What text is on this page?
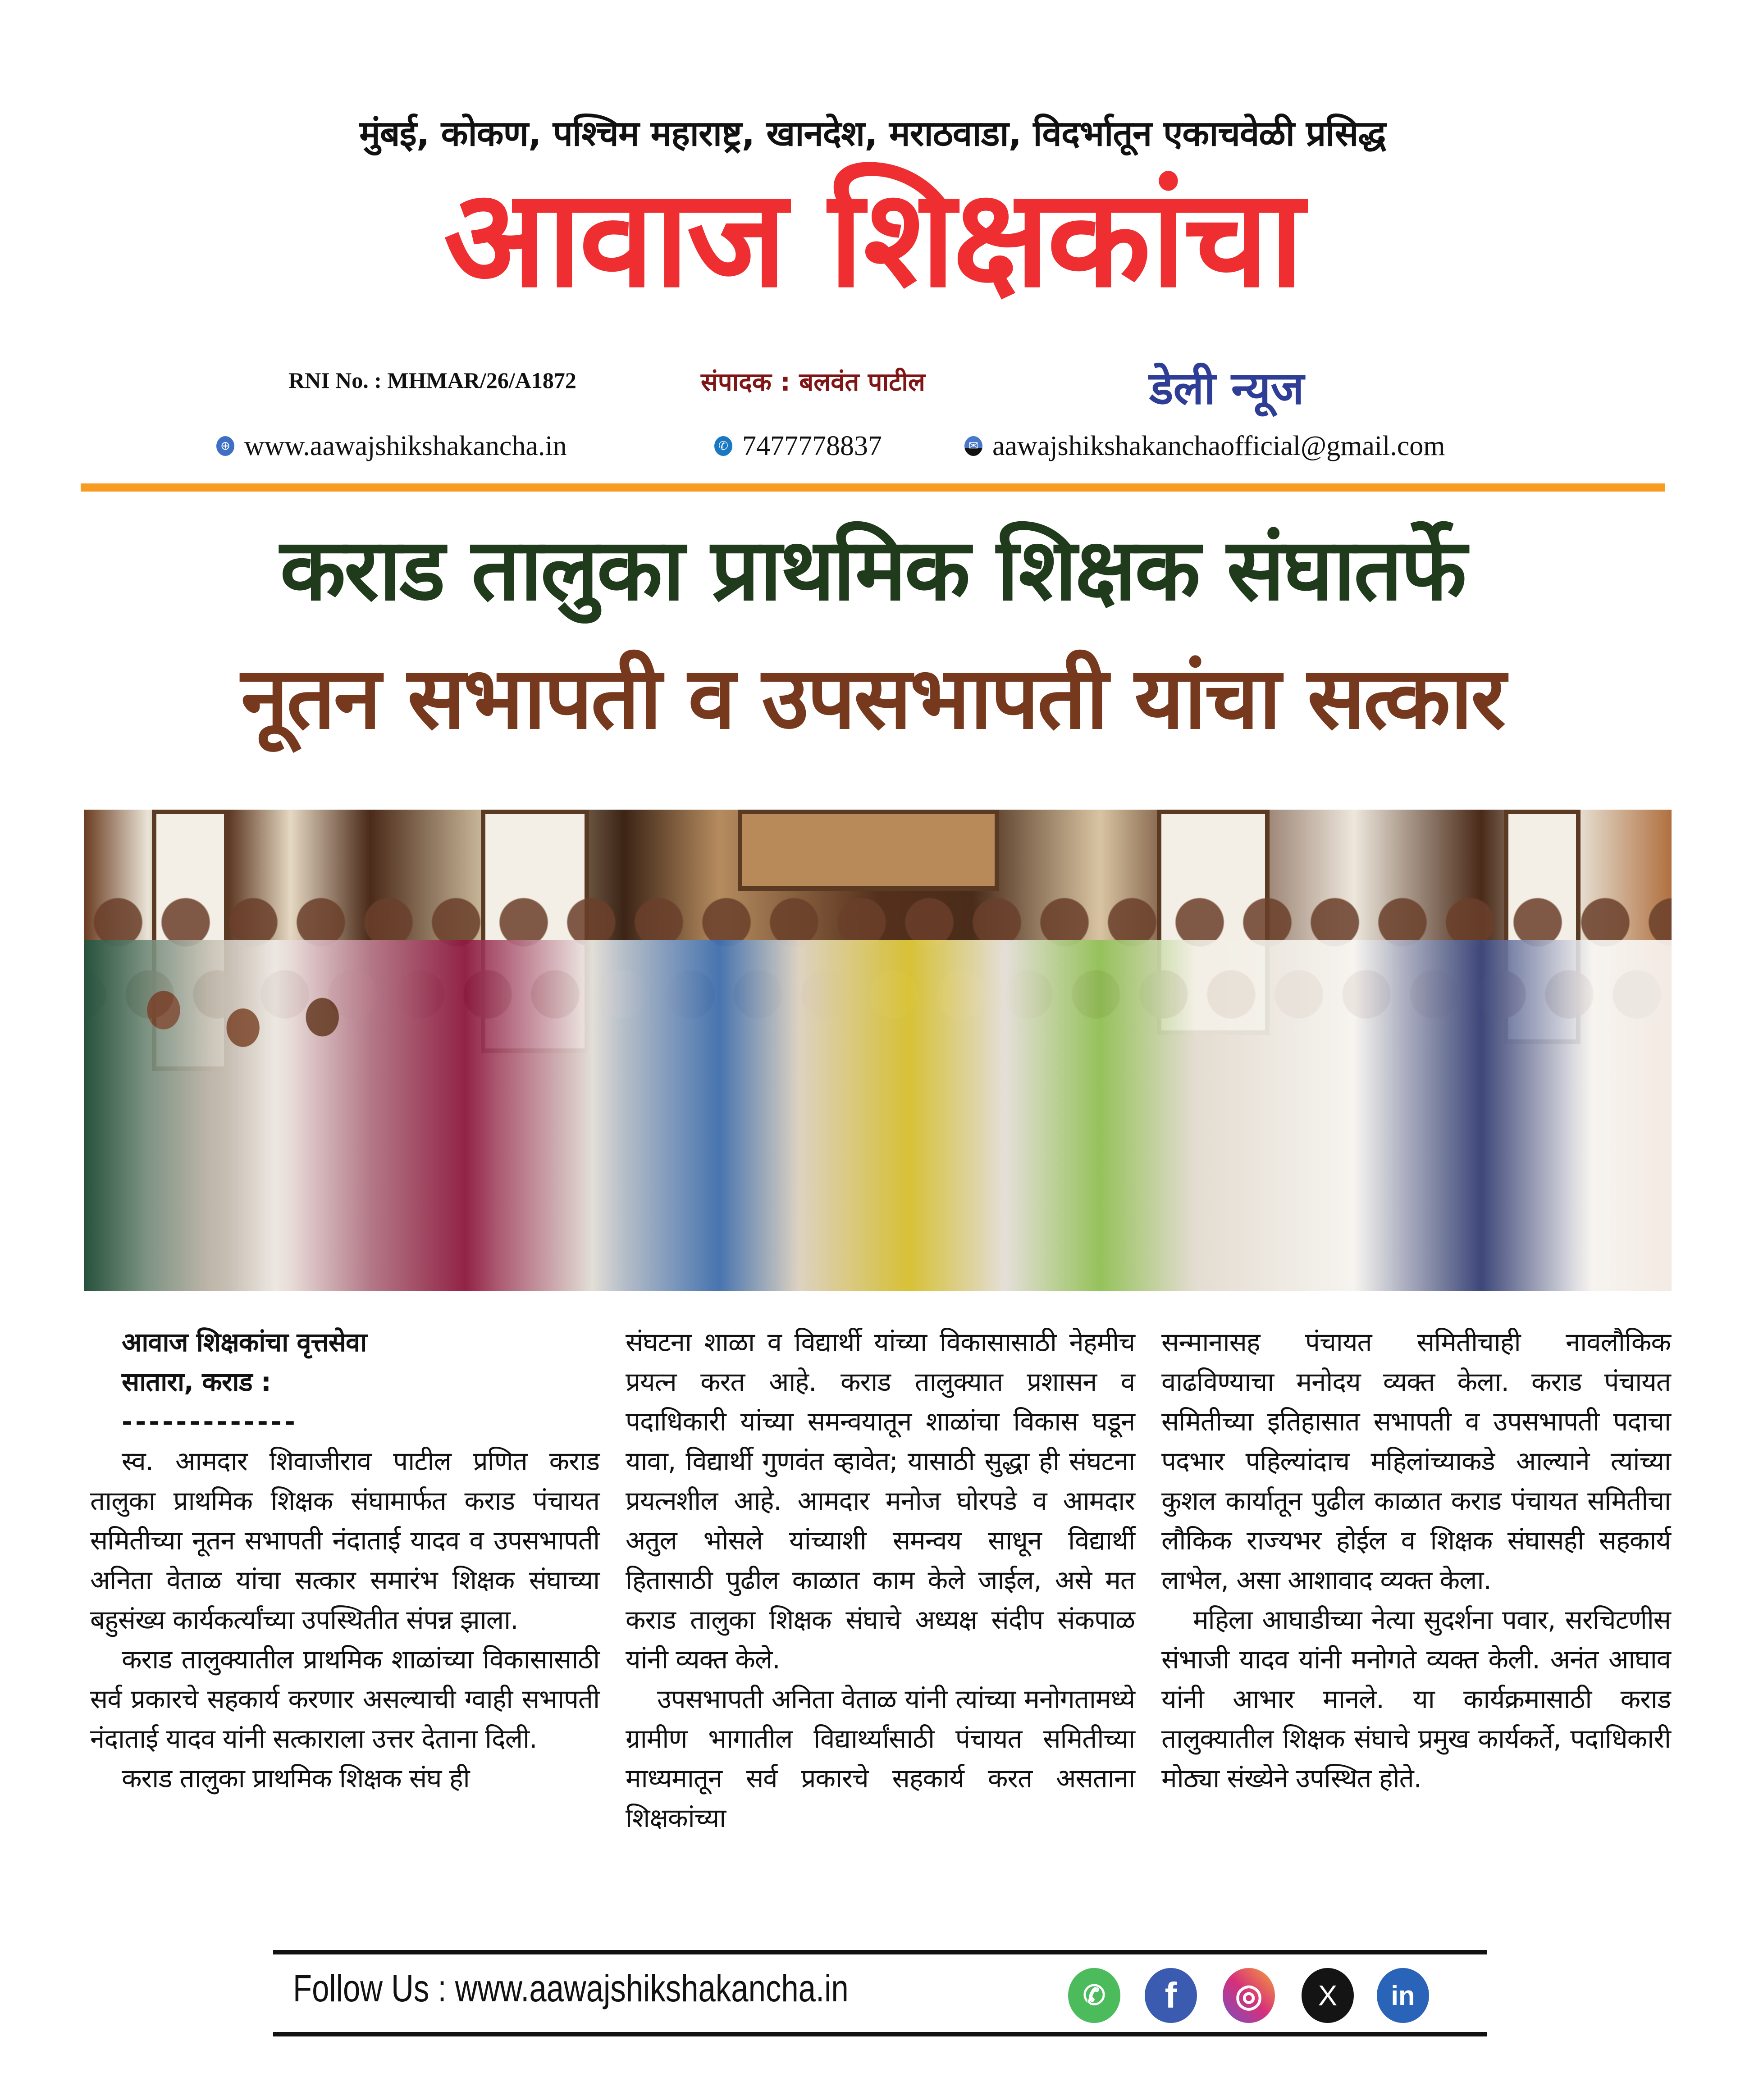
मुंबई, कोकण, पश्चिम महाराष्ट्र, खानदेश, मराठवाडा, विदर्भातून एकाचवेळी प्रसिद्ध
आवाज शिक्षकांचा
RNI No. : MHMAR/26/A1872	संपादक : बलवंत पाटील	डेली न्यूज
⊕ www.aawajshikshakancha.in	✆ 7477778837	✉ aawajshikshakanchaofficial@gmail.com
कराड तालुका प्राथमिक शिक्षक संघातर्फे
नूतन सभापती व उपसभापती यांचा सत्कार
आवाज शिक्षकांचा वृत्तसेवा
सातारा, कराड :
-------------

स्व. आमदार शिवाजीराव पाटील प्रणित कराड तालुका प्राथमिक शिक्षक संघामार्फत कराड पंचायत समितीच्या नूतन सभापती नंदाताई यादव व उपसभापती अनिता वेताळ यांचा सत्कार समारंभ शिक्षक संघाच्या बहुसंख्य कार्यकर्त्यांच्या उपस्थितीत संपन्न झाला.

कराड तालुक्यातील प्राथमिक शाळांच्या विकासासाठी सर्व प्रकारचे सहकार्य करणार असल्याची ग्वाही सभापती नंदाताई यादव यांनी सत्काराला उत्तर देताना दिली.

कराड तालुका प्राथमिक शिक्षक संघ ही

संघटना शाळा व विद्यार्थी यांच्या विकासासाठी नेहमीच प्रयत्न करत आहे. कराड तालुक्यात प्रशासन व पदाधिकारी यांच्या समन्वयातून शाळांचा विकास घडून यावा, विद्यार्थी गुणवंत व्हावेत; यासाठी सुद्धा ही संघटना प्रयत्नशील आहे. आमदार मनोज घोरपडे व आमदार अतुल भोसले यांच्याशी समन्वय साधून विद्यार्थी हितासाठी पुढील काळात काम केले जाईल, असे मत कराड तालुका शिक्षक संघाचे अध्यक्ष संदीप संकपाळ यांनी व्यक्त केले.

उपसभापती अनिता वेताळ यांनी त्यांच्या मनोगतामध्ये ग्रामीण भागातील विद्यार्थ्यांसाठी पंचायत समितीच्या माध्यमातून सर्व प्रकारचे सहकार्य करत असताना शिक्षकांच्या

सन्मानासह पंचायत समितीचाही नावलौकिक वाढविण्याचा मनोदय व्यक्त केला. कराड पंचायत समितीच्या इतिहासात सभापती व उपसभापती पदाचा पदभार पहिल्यांदाच महिलांच्याकडे आल्याने त्यांच्या कुशल कार्यातून पुढील काळात कराड पंचायत समितीचा लौकिक राज्यभर होईल व शिक्षक संघासही सहकार्य लाभेल, असा आशावाद व्यक्त केला.

महिला आघाडीच्या नेत्या सुदर्शना पवार, सरचिटणीस संभाजी यादव यांनी मनोगते व्यक्त केली. अनंत आघाव यांनी आभार मानले. या कार्यक्रमासाठी कराड तालुक्यातील शिक्षक संघाचे प्रमुख कार्यकर्ते, पदाधिकारी मोठ्या संख्येने उपस्थित होते.

Follow Us : www.aawajshikshakancha.in	✆ f ◎ X in
